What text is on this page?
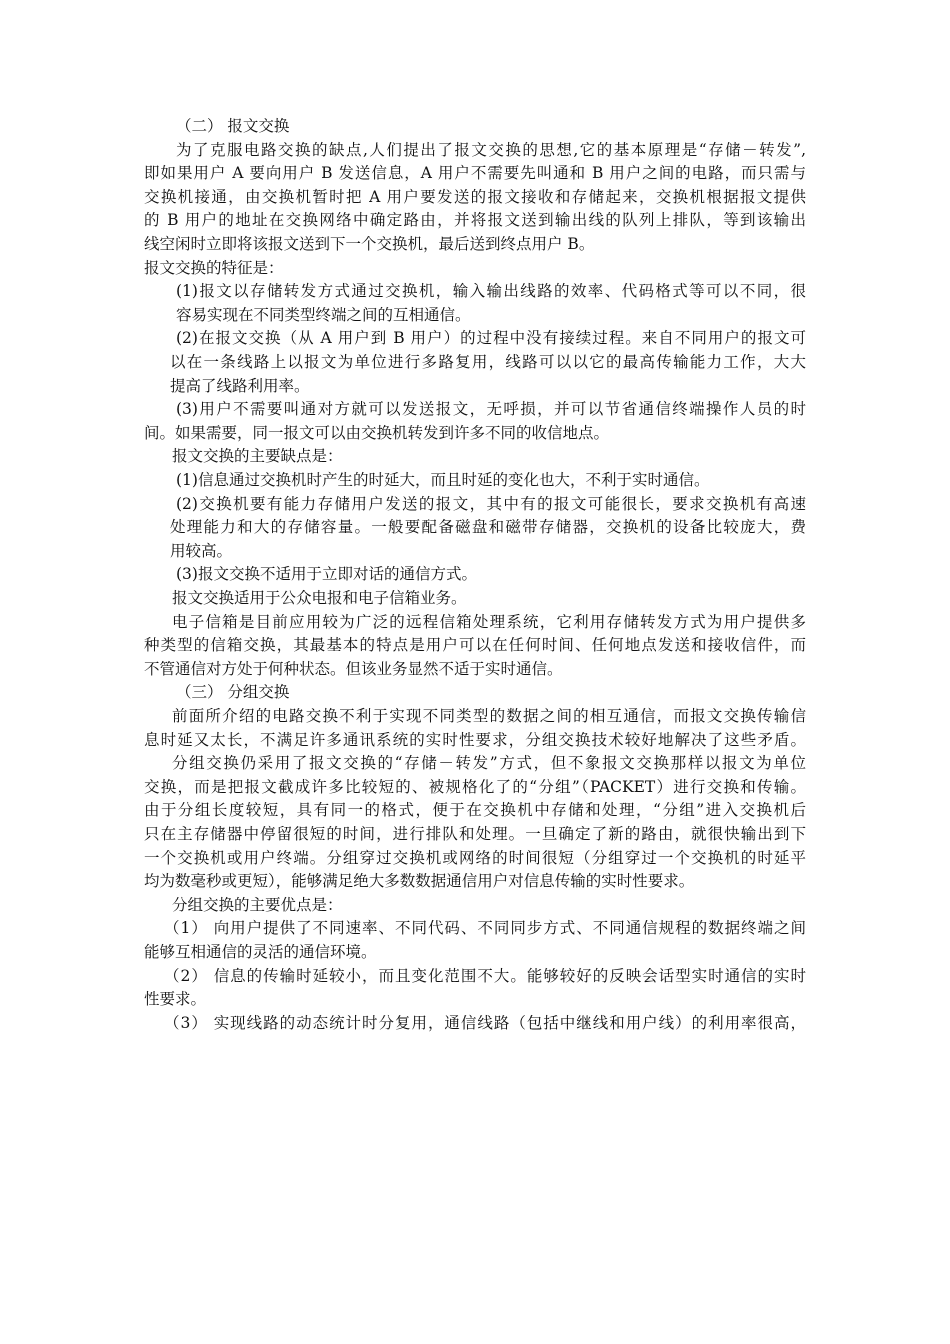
（二） 报文交换
为了克服电路交换的缺点,人们提出了报文交换的思想,它的基本原理是“存储－转发”,
即如果用户 A 要向用户 B 发送信息，A 用户不需要先叫通和 B 用户之间的电路，而只需与
交换机接通，由交换机暂时把 A 用户要发送的报文接收和存储起来，交换机根据报文提供
的 B 用户的地址在交换网络中确定路由，并将报文送到输出线的队列上排队，等到该输出
线空闲时立即将该报文送到下一个交换机，最后送到终点用户 B。
报文交换的特征是：
(1)报文以存储转发方式通过交换机，输入输出线路的效率、代码格式等可以不同，很
容易实现在不同类型终端之间的互相通信。
(2)在报文交换（从 A 用户到 B 用户）的过程中没有接续过程。来自不同用户的报文可
以在一条线路上以报文为单位进行多路复用，线路可以以它的最高传输能力工作，大大
提高了线路利用率。
(3)用户不需要叫通对方就可以发送报文，无呼损，并可以节省通信终端操作人员的时
间。如果需要，同一报文可以由交换机转发到许多不同的收信地点。
报文交换的主要缺点是：
(1)信息通过交换机时产生的时延大，而且时延的变化也大，不利于实时通信。
(2)交换机要有能力存储用户发送的报文，其中有的报文可能很长，要求交换机有高速
处理能力和大的存储容量。一般要配备磁盘和磁带存储器，交换机的设备比较庞大，费
用较高。
(3)报文交换不适用于立即对话的通信方式。
报文交换适用于公众电报和电子信箱业务。
电子信箱是目前应用较为广泛的远程信箱处理系统，它利用存储转发方式为用户提供多
种类型的信箱交换，其最基本的特点是用户可以在任何时间、任何地点发送和接收信件，而
不管通信对方处于何种状态。但该业务显然不适于实时通信。
（三） 分组交换
前面所介绍的电路交换不利于实现不同类型的数据之间的相互通信，而报文交换传输信
息时延又太长，不满足许多通讯系统的实时性要求，分组交换技术较好地解决了这些矛盾。
分组交换仍采用了报文交换的“存储－转发”方式，但不象报文交换那样以报文为单位
交换，而是把报文截成许多比较短的、被规格化了的“分组”（PACKET）进行交换和传输。
由于分组长度较短，具有同一的格式，便于在交换机中存储和处理，“分组”进入交换机后
只在主存储器中停留很短的时间，进行排队和处理。一旦确定了新的路由，就很快输出到下
一个交换机或用户终端。分组穿过交换机或网络的时间很短（分组穿过一个交换机的时延平
均为数毫秒或更短），能够满足绝大多数数据通信用户对信息传输的实时性要求。
分组交换的主要优点是：
（1） 向用户提供了不同速率、不同代码、不同同步方式、不同通信规程的数据终端之间
能够互相通信的灵活的通信环境。
（2） 信息的传输时延较小，而且变化范围不大。能够较好的反映会话型实时通信的实时
性要求。
（3） 实现线路的动态统计时分复用，通信线路（包括中继线和用户线）的利用率很高，
